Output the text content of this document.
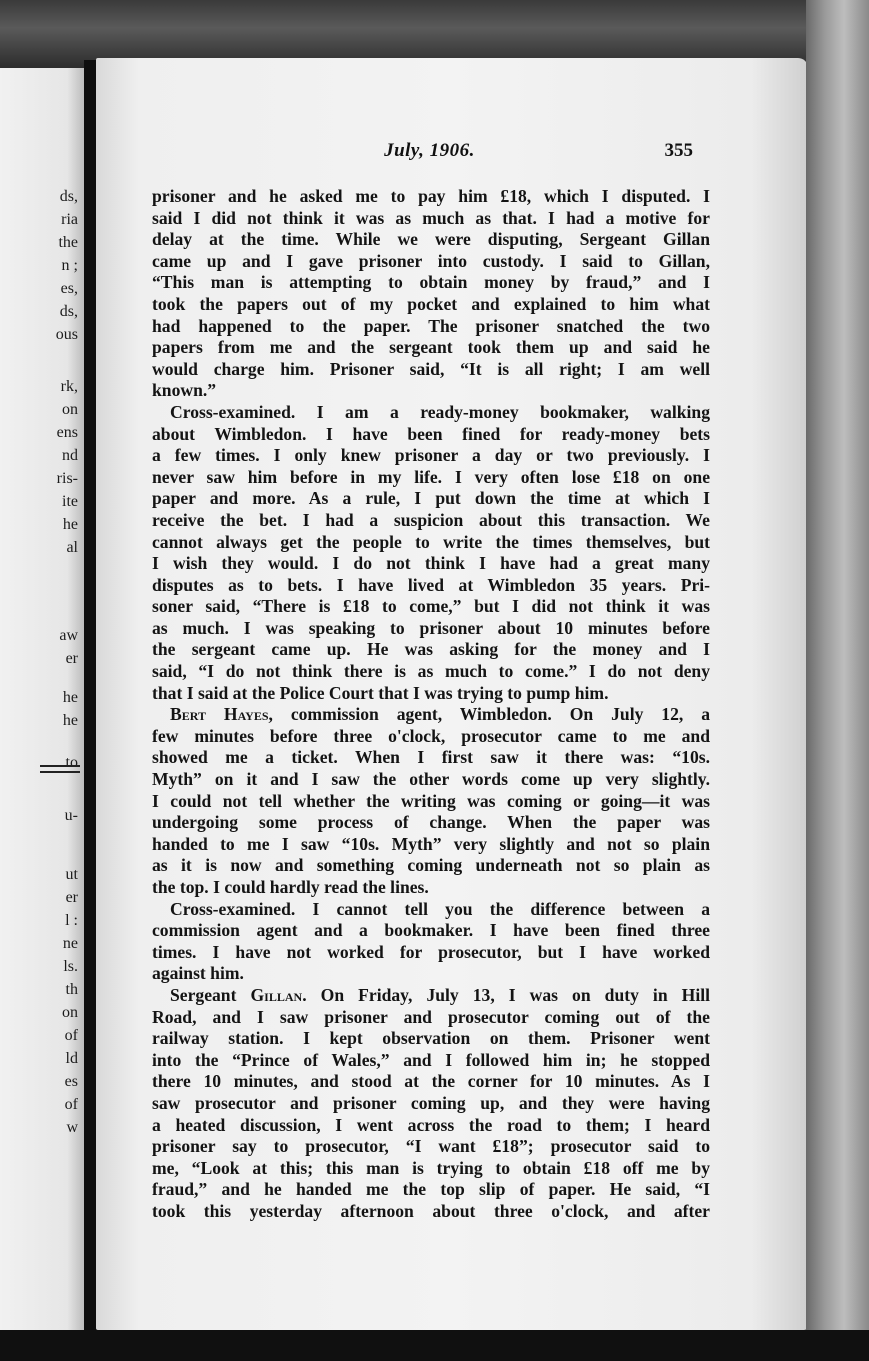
ds,
ria
the
n ;
es,
ds,
ous
rk,
on
ens
nd
ris-
ite
he
al
aw
er
he
he
to
u-
ut
er
l :
ne
ls.
th
on
of
ld
es
of
w
July, 1906.	355
prisoner and he asked me to pay him £18, which I disputed. I
said I did not think it was as much as that. I had a motive for
delay at the time. While we were disputing, Sergeant Gillan
came up and I gave prisoner into custody. I said to Gillan,
“This man is attempting to obtain money by fraud,” and I
took the papers out of my pocket and explained to him what
had happened to the paper. The prisoner snatched the two
papers from me and the sergeant took them up and said he
would charge him. Prisoner said, “It is all right; I am well
known.”
Cross-examined. I am a ready-money bookmaker, walking
about Wimbledon. I have been fined for ready-money bets
a few times. I only knew prisoner a day or two previously. I
never saw him before in my life. I very often lose £18 on one
paper and more. As a rule, I put down the time at which I
receive the bet. I had a suspicion about this transaction. We
cannot always get the people to write the times themselves, but
I wish they would. I do not think I have had a great many
disputes as to bets. I have lived at Wimbledon 35 years. Pri-
soner said, “There is £18 to come,” but I did not think it was
as much. I was speaking to prisoner about 10 minutes before
the sergeant came up. He was asking for the money and I
said, “I do not think there is as much to come.” I do not deny
that I said at the Police Court that I was trying to pump him.
Bert Hayes, commission agent, Wimbledon. On July 12, a
few minutes before three o'clock, prosecutor came to me and
showed me a ticket. When I first saw it there was: “10s.
Myth” on it and I saw the other words come up very slightly.
I could not tell whether the writing was coming or going—it was
undergoing some process of change. When the paper was
handed to me I saw “10s. Myth” very slightly and not so plain
as it is now and something coming underneath not so plain as
the top. I could hardly read the lines.
Cross-examined. I cannot tell you the difference between a
commission agent and a bookmaker. I have been fined three
times. I have not worked for prosecutor, but I have worked
against him.
Sergeant Gillan. On Friday, July 13, I was on duty in Hill
Road, and I saw prisoner and prosecutor coming out of the
railway station. I kept observation on them. Prisoner went
into the “Prince of Wales,” and I followed him in; he stopped
there 10 minutes, and stood at the corner for 10 minutes. As I
saw prosecutor and prisoner coming up, and they were having
a heated discussion, I went across the road to them; I heard
prisoner say to prosecutor, “I want £18”; prosecutor said to
me, “Look at this; this man is trying to obtain £18 off me by
fraud,” and he handed me the top slip of paper. He said, “I
took this yesterday afternoon about three o'clock, and after
